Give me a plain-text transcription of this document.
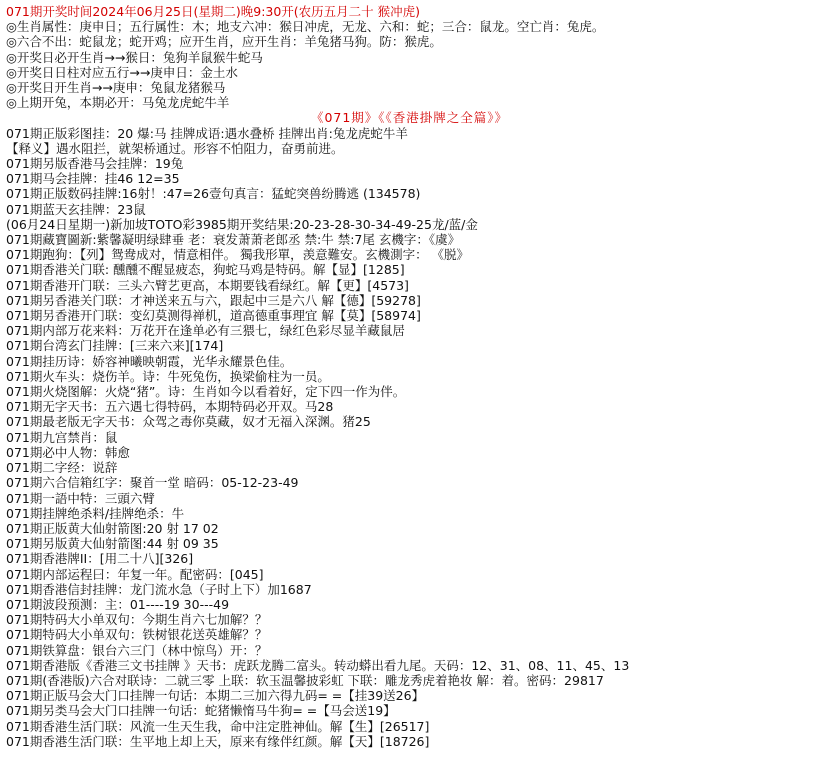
071期开奖时间2024年06月25日(星期二)晚9:30开(农历五月二十 猴冲虎)
◎生肖属性：庚申日；五行属性：木；地支六冲：猴日冲虎，无龙、六和：蛇；三合：鼠龙。空亡肖：兔虎。
◎六合不出：蛇鼠龙；蛇开鸡；应开生肖，应开生肖：羊兔猪马狗。防：猴虎。
◎开奖日必开生肖→→猴日：兔狗羊鼠猴牛蛇马
◎开奖日日柱对应五行→→庚申日：金土水
◎开奖日开生肖→→庚申：兔鼠龙猪猴马
◎上期开兔，本期必开：马兔龙虎蛇牛羊
《071期》《《香港掛牌之全篇》》
071期正版彩图挂：20 爆:马 挂牌成语:遇水叠桥 挂牌出肖:兔龙虎蛇牛羊
【释义】遇水阻拦，就架桥通过。形容不怕阻力，奋勇前进。
071期另版香港马会挂牌：19兔
071期马会挂牌：挂46 12=35
071期正版数码挂牌:16射！:47=26壹句真言：猛蛇突兽纷腾逃 (134578)
071期蓝天玄挂牌：23鼠
(06月24日星期一)新加坡TOTO彩3985期开奖结果:20-23-28-30-34-49-25龙/蓝/金
071期藏寶圖新:紫馨凝明绿肆垂 老：衰发萧萧老郎丞 禁:牛 禁:7尾 玄機字：《虞》
071期跑狗：【列】鸳鸯成对，情意相伴。 獨我形單，羡意難安。玄機測字： 《脱》
071期香港关门联: 醺醺不醒显疲态，狗蛇马鸡是特码。解【显】[1285]
071期香港开门联：三头六臂艺更高，本期要钱看绿红。解【更】[4573]
071期另香港关门联：才神送来五与六，跟起中三是六八 解【德】[59278]
071期另香港开门联：变幻莫测得禅机，道高德重事理宜 解【莫】[58974]
071期内部万花来料：万花开在逢单必有三猥七，绿红色彩尽显羊藏鼠居
071期台湾玄门挂牌：[三来六来][174]
071期挂历诗：娇容神曦映朝霞，光华永耀景色佳。
071期火车头：烧伤羊。诗：牛死兔伤，换梁偷柱为一员。
071期火烧图解：火烧“猪”。诗：生肖如今以看着好，定下四一作为伴。
071期无字天书：五六遇七得特码，本期特码必开双。马28
071期最老版无字天书：众驾之毒你莫藏，奴才无福入深渊。猪25
071期九宫禁肖：鼠
071期必中人物：韩愈
071期二字经：说辞
071期六合信箱红字：聚首一堂 暗码：05-12-23-49
071期一語中特：三頭六臂
071期挂牌绝杀料/挂牌绝杀：牛
071期正版黄大仙射箭图:20 射 17 02
071期另版黄大仙射箭图:44 射 09 35
071期香港牌II：[用二十八][326]
071期内部运程曰：年复一年。配密码：[045]
071期香港信封挂牌：龙门流水急（子时上下）加1687
071期波段预测：主：01----19 30---49
071期特码大小单双句：今期生肖六七加解？？
071期特码大小单双句：铁树银花送英雄解？？
071期铁算盘：银台六三门（林中惊鸟）开：？
071期香港版《香港三文书挂牌 》天书：虎跃龙腾二富头。转动蟒出看九尾。天码：12、31、08、11、45、13
071期(香港版)六合对联诗：二就三零 上联：软玉温馨披彩虹 下联：雕龙秀虎着艳妆 解：着。密码：29817
071期正版马会大门口挂牌一句话：本期二三加六得九码= =【挂39送26】
071期另类马会大门口挂牌一句话：蛇猪懒惰马牛狗= =【马会送19】
071期香港生活门联：风流一生天生我，命中注定胜神仙。解【生】[26517]
071期香港生活门联：生平地上却上天，原来有缘伴红颜。解【天】[18726]
